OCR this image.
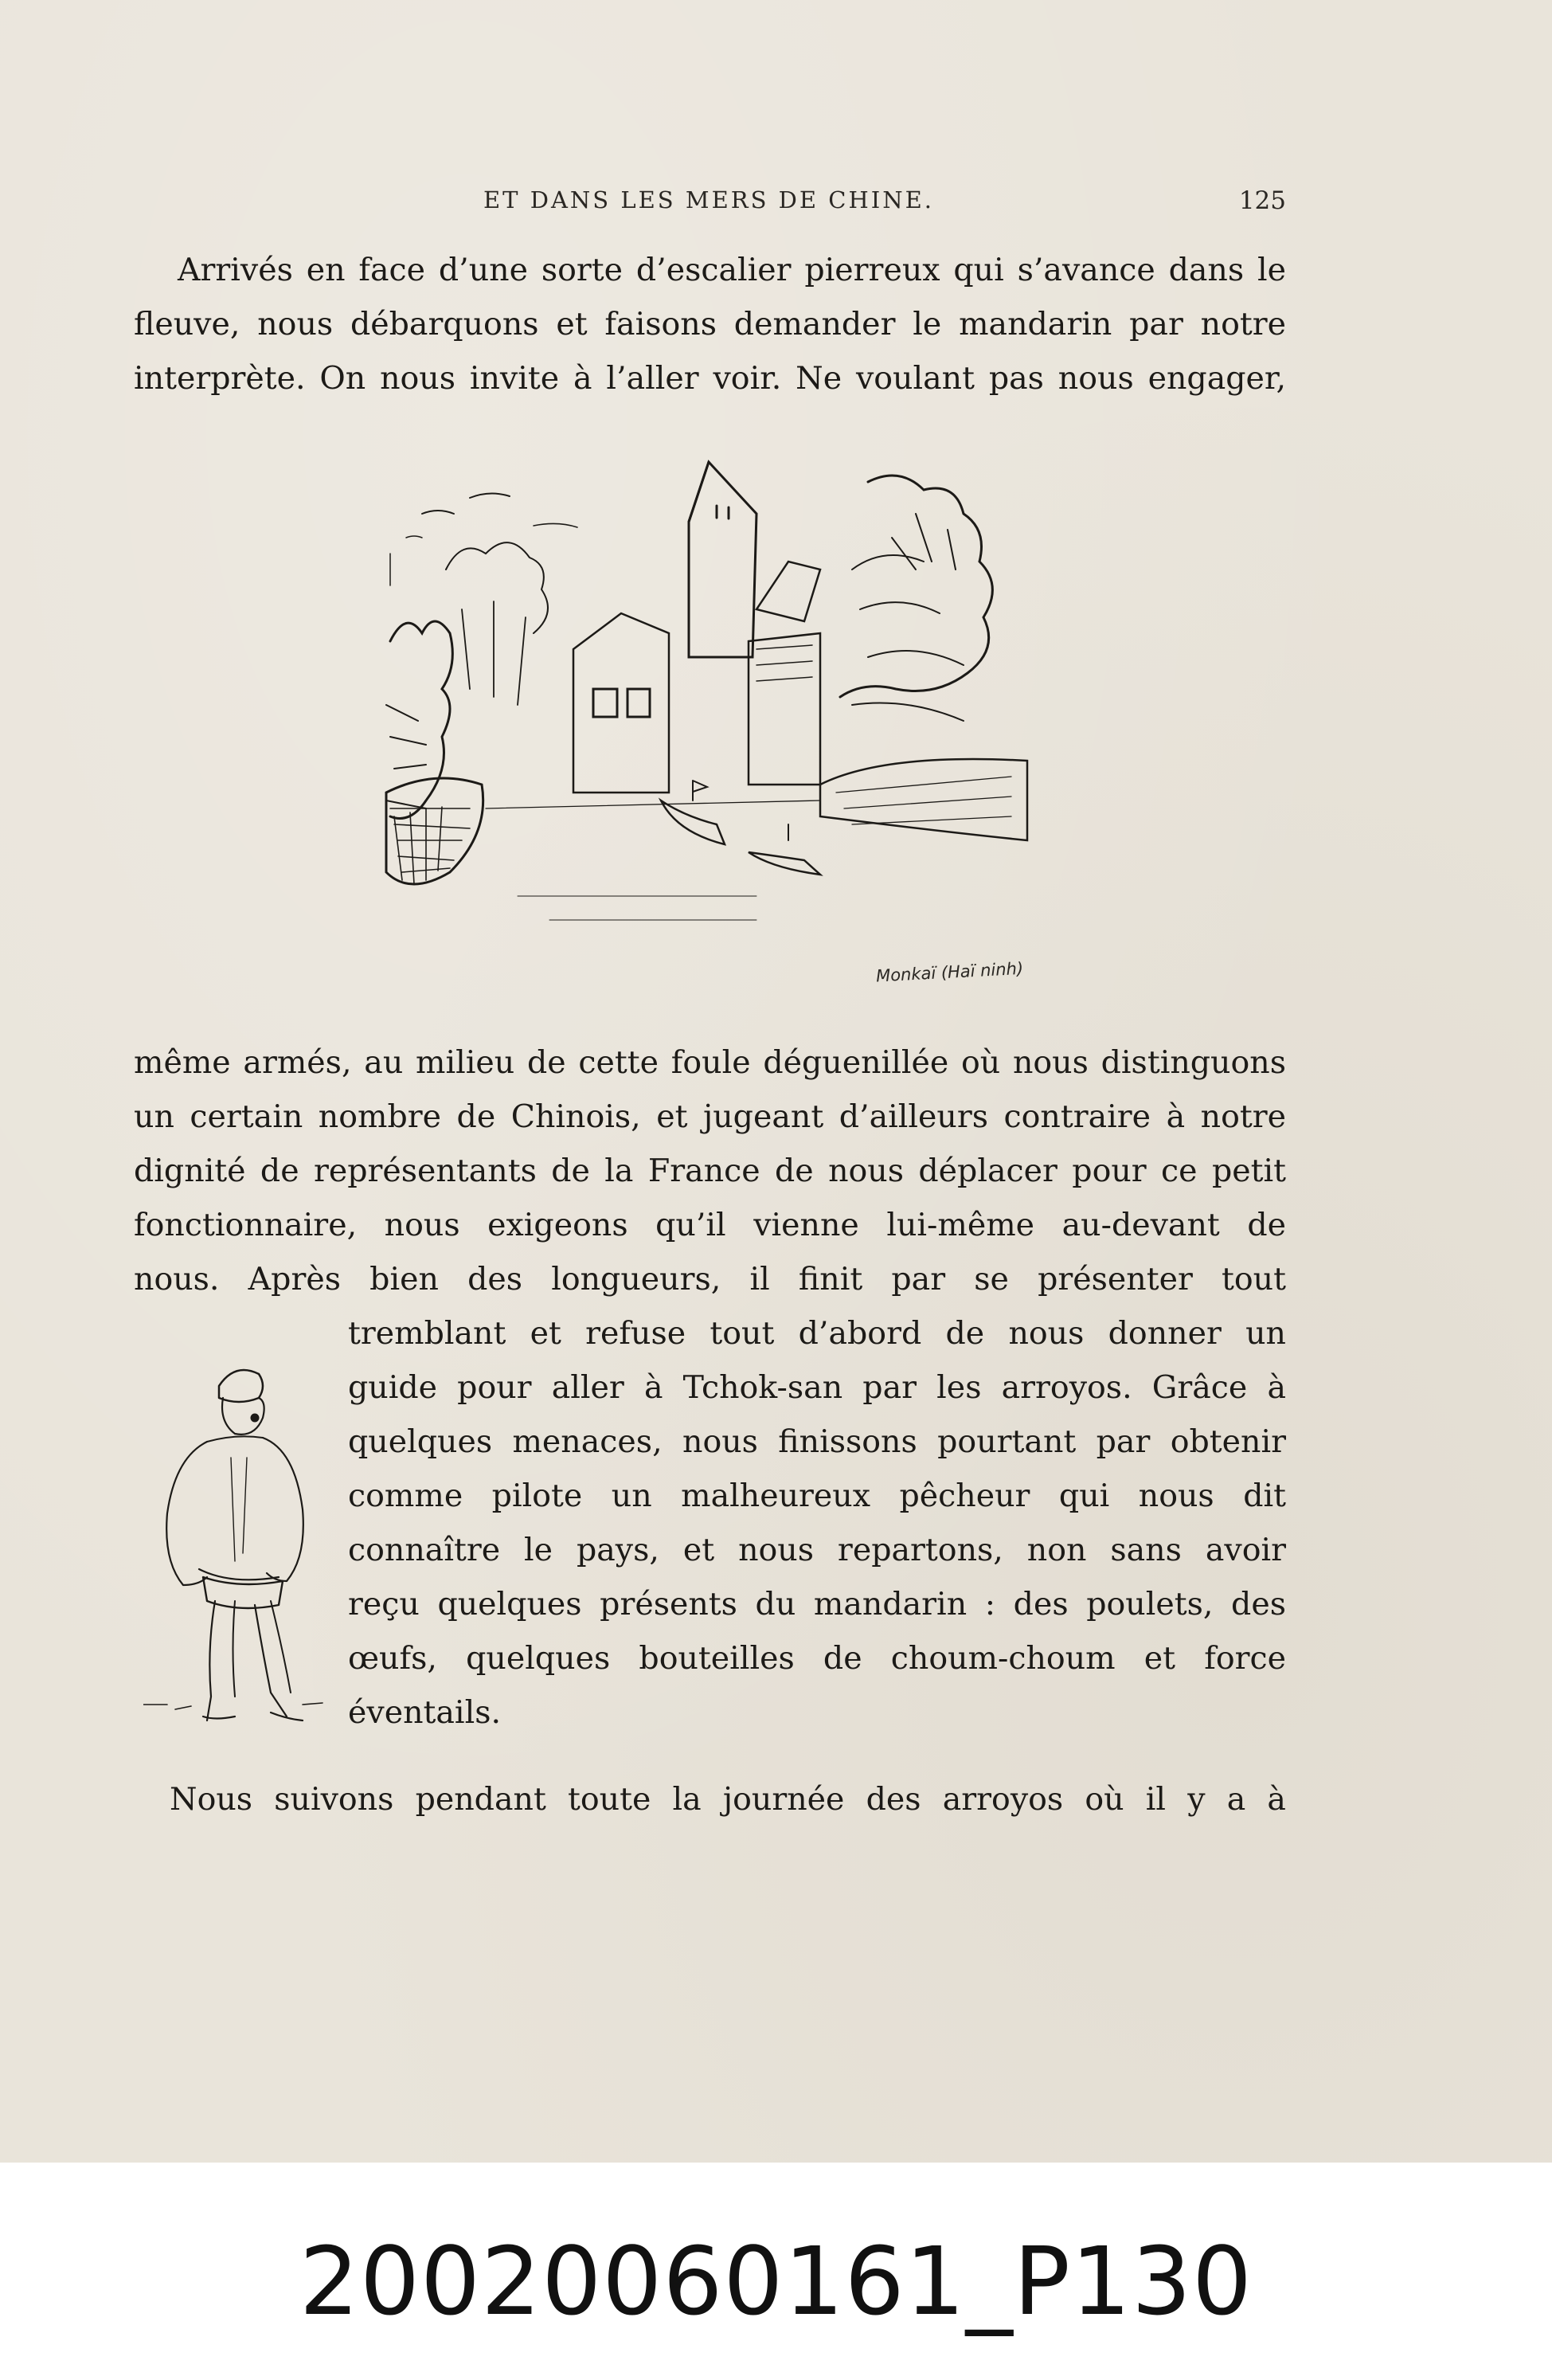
ET DANS LES MERS DE CHINE.	125

Arrivés en face d’une sorte d’escalier pierreux qui s’avance dans le
fleuve, nous débarquons et faisons demander le mandarin par notre
interprète. On nous invite à l’aller voir. Ne voulant pas nous engager,

Monkaï (Haï ninh)

même armés, au milieu de cette foule déguenillée où nous distinguons
un certain nombre de Chinois, et jugeant d’ailleurs contraire à notre
dignité de représentants de la France de nous déplacer pour ce petit
fonctionnaire, nous exigeons qu’il vienne lui-même au-devant de
nous. Après bien des longueurs, il finit par se présenter tout

tremblant et refuse tout d’abord de nous donner un
guide pour aller à Tchok-san par les arroyos. Grâce à
quelques menaces, nous finissons pourtant par obtenir
comme pilote un malheureux pêcheur qui nous dit
connaître le pays, et nous repartons, non sans avoir
reçu quelques présents du mandarin : des poulets, des
œufs, quelques bouteilles de choum-choum et force
éventails.

Nous suivons pendant toute la journée des arroyos où il y a à

20020060161_P130
